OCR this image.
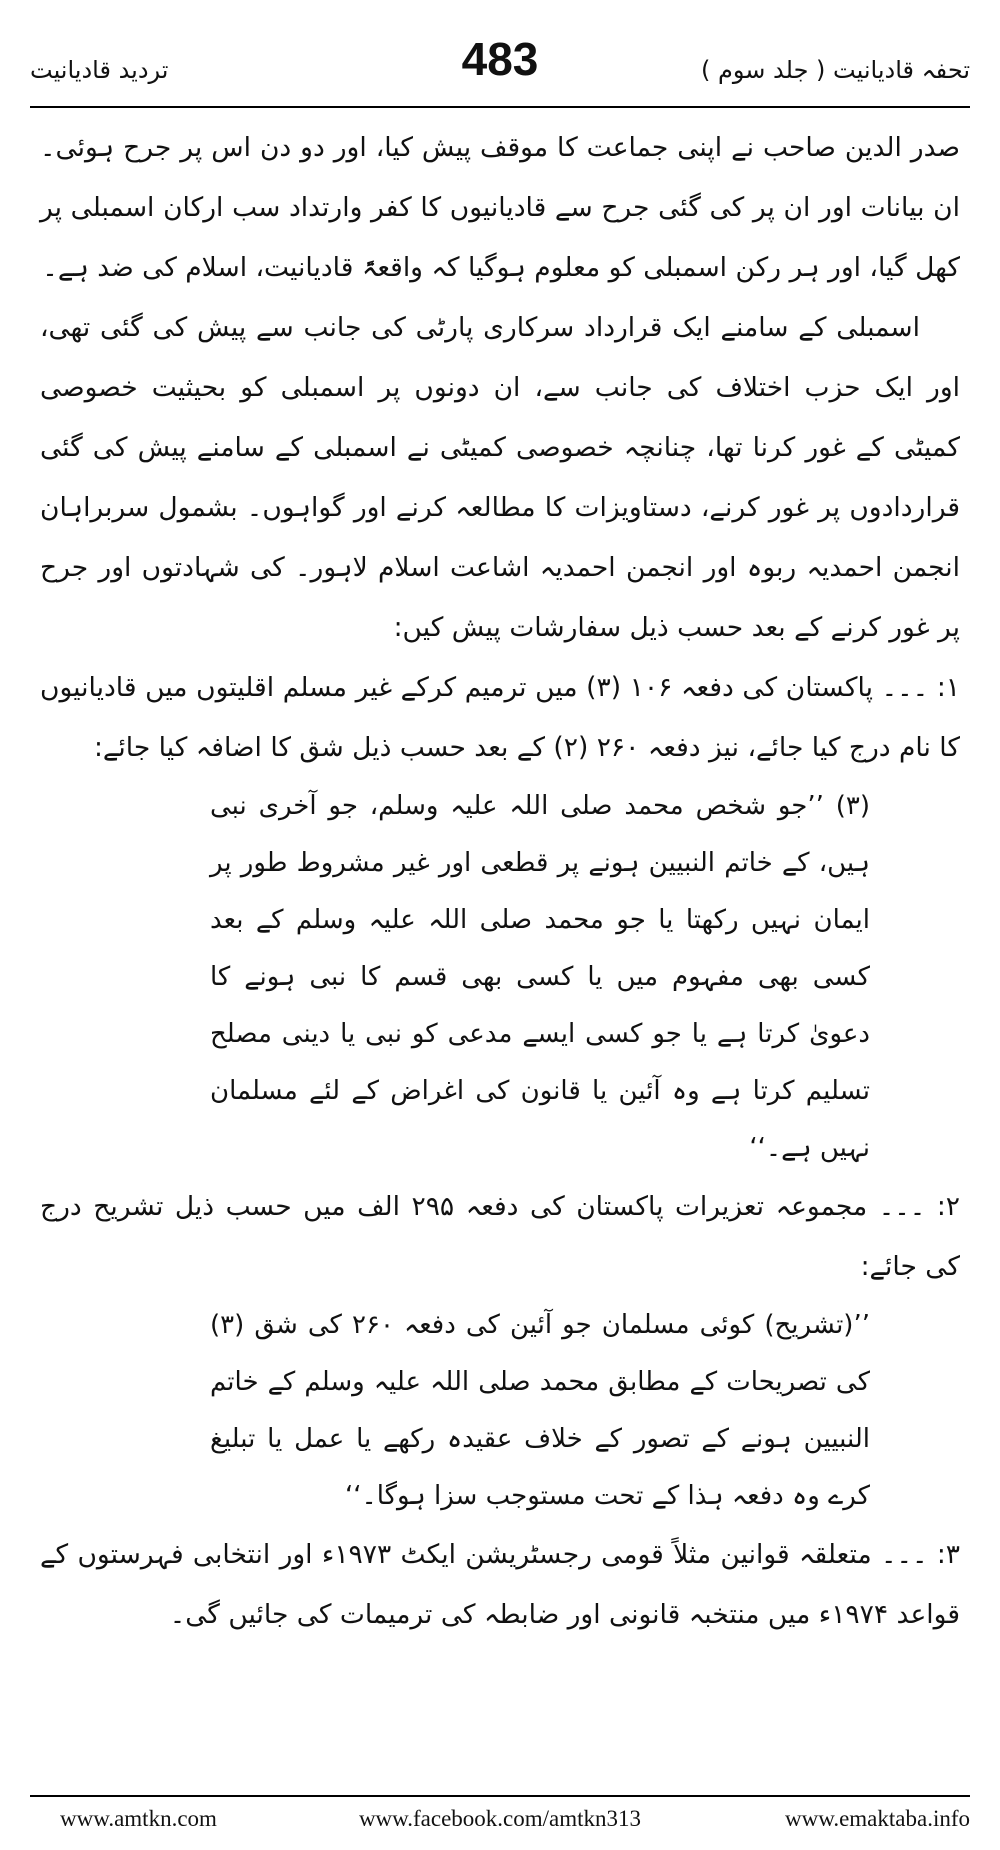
تردید قادیانیت	483	تحفہ قادیانیت ( جلد سوم )

صدر الدین صاحب نے اپنی جماعت کا موقف پیش کیا، اور دو دن اس پر جرح ہوئی۔ ان بیانات اور ان پر کی گئی جرح سے قادیانیوں کا کفر وارتداد سب ارکان اسمبلی پر کھل گیا، اور ہر رکن اسمبلی کو معلوم ہوگیا کہ واقعۃً قادیانیت، اسلام کی ضد ہے۔

اسمبلی کے سامنے ایک قرارداد سرکاری پارٹی کی جانب سے پیش کی گئی تھی، اور ایک حزب اختلاف کی جانب سے، ان دونوں پر اسمبلی کو بحیثیت خصوصی کمیٹی کے غور کرنا تھا، چنانچہ خصوصی کمیٹی نے اسمبلی کے سامنے پیش کی گئی قراردادوں پر غور کرنے، دستاویزات کا مطالعہ کرنے اور گواہوں۔ بشمول سربراہان انجمن احمدیہ ربوہ اور انجمن احمدیہ اشاعت اسلام لاہور۔ کی شہادتوں اور جرح پر غور کرنے کے بعد حسب ذیل سفارشات پیش کیں:

۱: ۔۔۔ پاکستان کی دفعہ ۱۰۶ (۳) میں ترمیم کرکے غیر مسلم اقلیتوں میں قادیانیوں کا نام درج کیا جائے، نیز دفعہ ۲۶۰ (۲) کے بعد حسب ذیل شق کا اضافہ کیا جائے:

(۳) ’’جو شخص محمد صلی اللہ علیہ وسلم، جو آخری نبی ہیں، کے خاتم النبیین ہونے پر قطعی اور غیر مشروط طور پر ایمان نہیں رکھتا یا جو محمد صلی اللہ علیہ وسلم کے بعد کسی بھی مفہوم میں یا کسی بھی قسم کا نبی ہونے کا دعویٰ کرتا ہے یا جو کسی ایسے مدعی کو نبی یا دینی مصلح تسلیم کرتا ہے وہ آئین یا قانون کی اغراض کے لئے مسلمان نہیں ہے۔‘‘

۲: ۔۔۔ مجموعہ تعزیرات پاکستان کی دفعہ ۲۹۵ الف میں حسب ذیل تشریح درج کی جائے:

’’(تشریح) کوئی مسلمان جو آئین کی دفعہ ۲۶۰ کی شق (۳) کی تصریحات کے مطابق محمد صلی اللہ علیہ وسلم کے خاتم النبیین ہونے کے تصور کے خلاف عقیدہ رکھے یا عمل یا تبلیغ کرے وہ دفعہ ہذا کے تحت مستوجب سزا ہوگا۔‘‘

۳: ۔۔۔ متعلقہ قوانین مثلاً قومی رجسٹریشن ایکٹ ۱۹۷۳ء اور انتخابی فہرستوں کے قواعد ۱۹۷۴ء میں منتخبہ قانونی اور ضابطہ کی ترمیمات کی جائیں گی۔

www.amtkn.com	www.facebook.com/amtkn313	www.emaktaba.info
